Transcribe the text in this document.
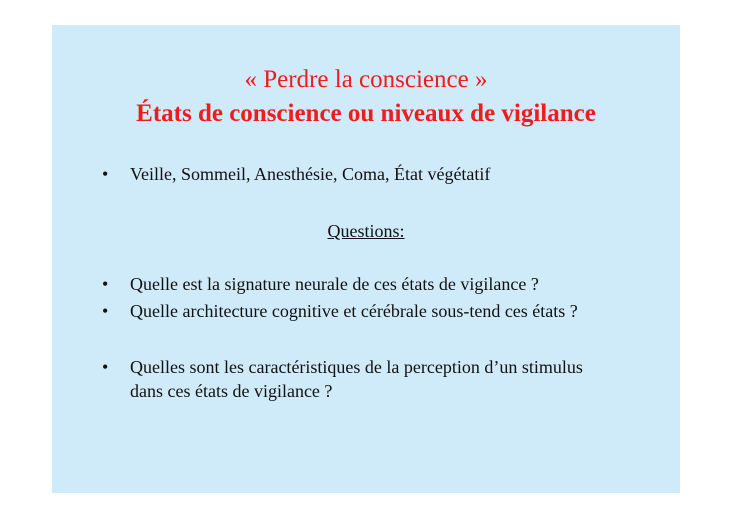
« Perdre la conscience »
États de conscience ou niveaux de vigilance
• Veille, Sommeil, Anesthésie, Coma, État végétatif
Questions:
• Quelle est la signature neurale de ces états de vigilance ?
• Quelle architecture cognitive et cérébrale sous-tend ces états ?
• Quelles sont les caractéristiques de la perception d’un stimulus dans ces états de vigilance ?
